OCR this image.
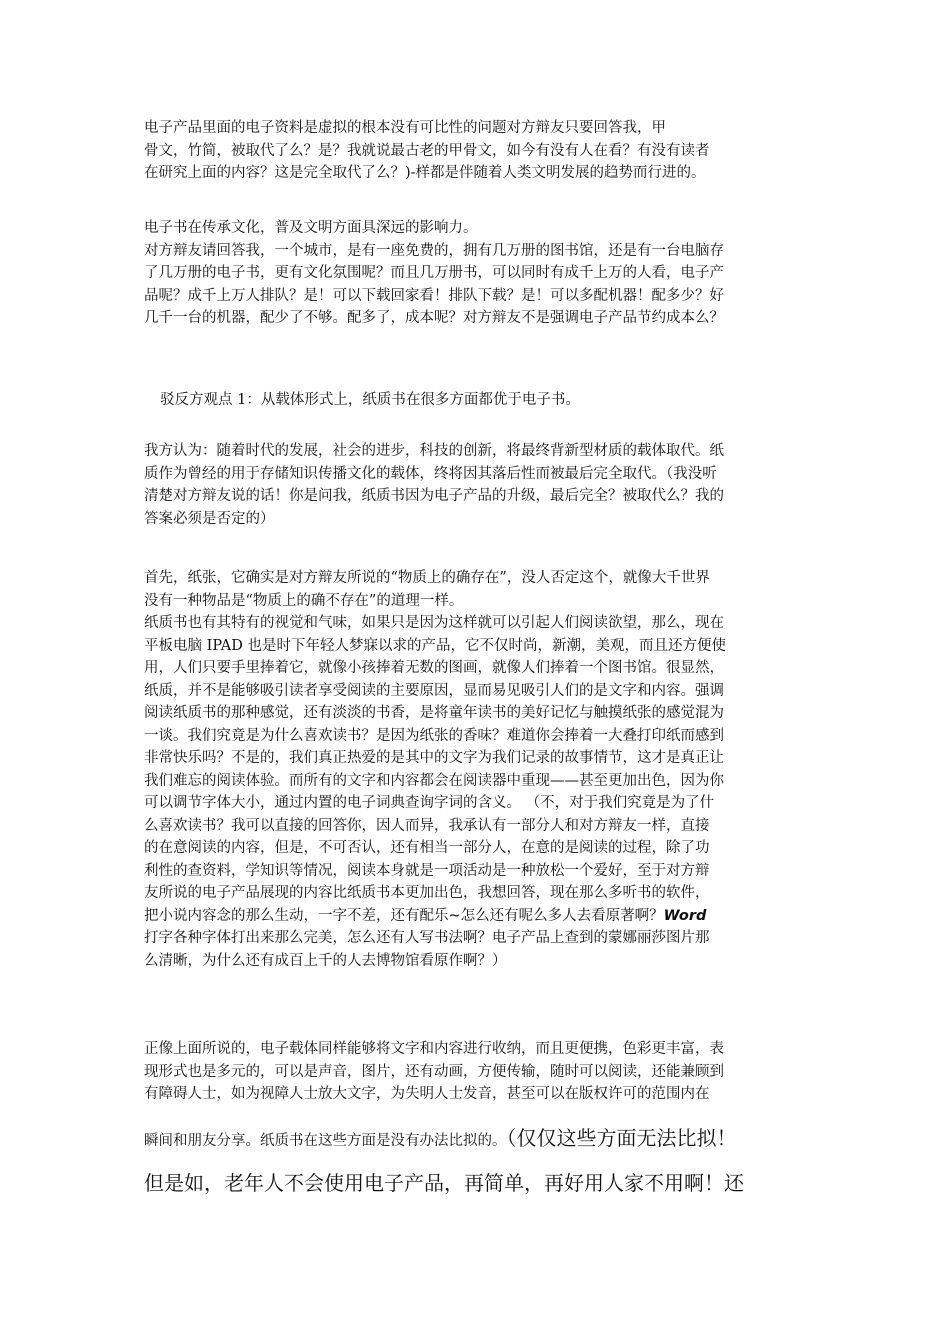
电子产品里面的电子资料是虚拟的根本没有可比性的问题对方辩友只要回答我，甲
骨文，竹简，被取代了么？是？我就说最古老的甲骨文，如今有没有人在看？有没有读者
在研究上面的内容？这是完全取代了么？)-样都是伴随着人类文明发展的趋势而行进的。
电子书在传承文化，普及文明方面具深远的影响力。
对方辩友请回答我，一个城市，是有一座免费的，拥有几万册的图书馆，还是有一台电脑存
了几万册的电子书，更有文化氛围呢？而且几万册书，可以同时有成千上万的人看，电子产
品呢？成千上万人排队？是！可以下载回家看！排队下载？是！可以多配机器！配多少？好
几千一台的机器，配少了不够。配多了，成本呢？对方辩友不是强调电子产品节约成本么？
驳反方观点 1：从载体形式上，纸质书在很多方面都优于电子书。
我方认为：随着时代的发展，社会的进步，科技的创新，将最终背新型材质的载体取代。纸
质作为曾经的用于存储知识传播文化的载体，终将因其落后性而被最后完全取代。（我没听
清楚对方辩友说的话！你是问我，纸质书因为电子产品的升级，最后完全？被取代么？我的
答案必须是否定的）
首先，纸张，它确实是对方辩友所说的“物质上的确存在”，没人否定这个，就像大千世界
没有一种物品是“物质上的确不存在”的道理一样。
纸质书也有其特有的视觉和气味，如果只是因为这样就可以引起人们阅读欲望，那么，现在
平板电脑 IPAD 也是时下年轻人梦寐以求的产品，它不仅时尚，新潮，美观，而且还方便使
用，人们只要手里捧着它，就像小孩捧着无数的图画，就像人们捧着一个图书馆。很显然，
纸质，并不是能够吸引读者享受阅读的主要原因，显而易见吸引人们的是文字和内容。强调
阅读纸质书的那种感觉，还有淡淡的书香，是将童年读书的美好记忆与触摸纸张的感觉混为
一谈。我们究竟是为什么喜欢读书？是因为纸张的香味？难道你会捧着一大叠打印纸而感到
非常快乐吗？不是的，我们真正热爱的是其中的文字为我们记录的故事情节，这才是真正让
我们难忘的阅读体验。而所有的文字和内容都会在阅读器中重现——甚至更加出色，因为你
可以调节字体大小，通过内置的电子词典查询字词的含义。 （不，对于我们究竟是为了什
么喜欢读书？我可以直接的回答你，因人而异，我承认有一部分人和对方辩友一样，直接
的在意阅读的内容，但是，不可否认，还有相当一部分人，在意的是阅读的过程，除了功
利性的查资料，学知识等情况，阅读本身就是一项活动是一种放松一个爱好，至于对方辩
友所说的电子产品展现的内容比纸质书本更加出色，我想回答，现在那么多听书的软件，
把小说内容念的那么生动，一字不差，还有配乐~怎么还有呢么多人去看原著啊？Word
打字各种字体打出来那么完美，怎么还有人写书法啊？电子产品上查到的蒙娜丽莎图片那
么清晰，为什么还有成百上千的人去博物馆看原作啊？）
正像上面所说的，电子载体同样能够将文字和内容进行收纳，而且更便携，色彩更丰富，表
现形式也是多元的，可以是声音，图片，还有动画，方便传输，随时可以阅读，还能兼顾到
有障碍人士，如为视障人士放大文字，为失明人士发音，甚至可以在版权许可的范围内在
瞬间和朋友分享。纸质书在这些方面是没有办法比拟的。（仅仅这些方面无法比拟！
但是如，老年人不会使用电子产品，再简单，再好用人家不用啊！还
